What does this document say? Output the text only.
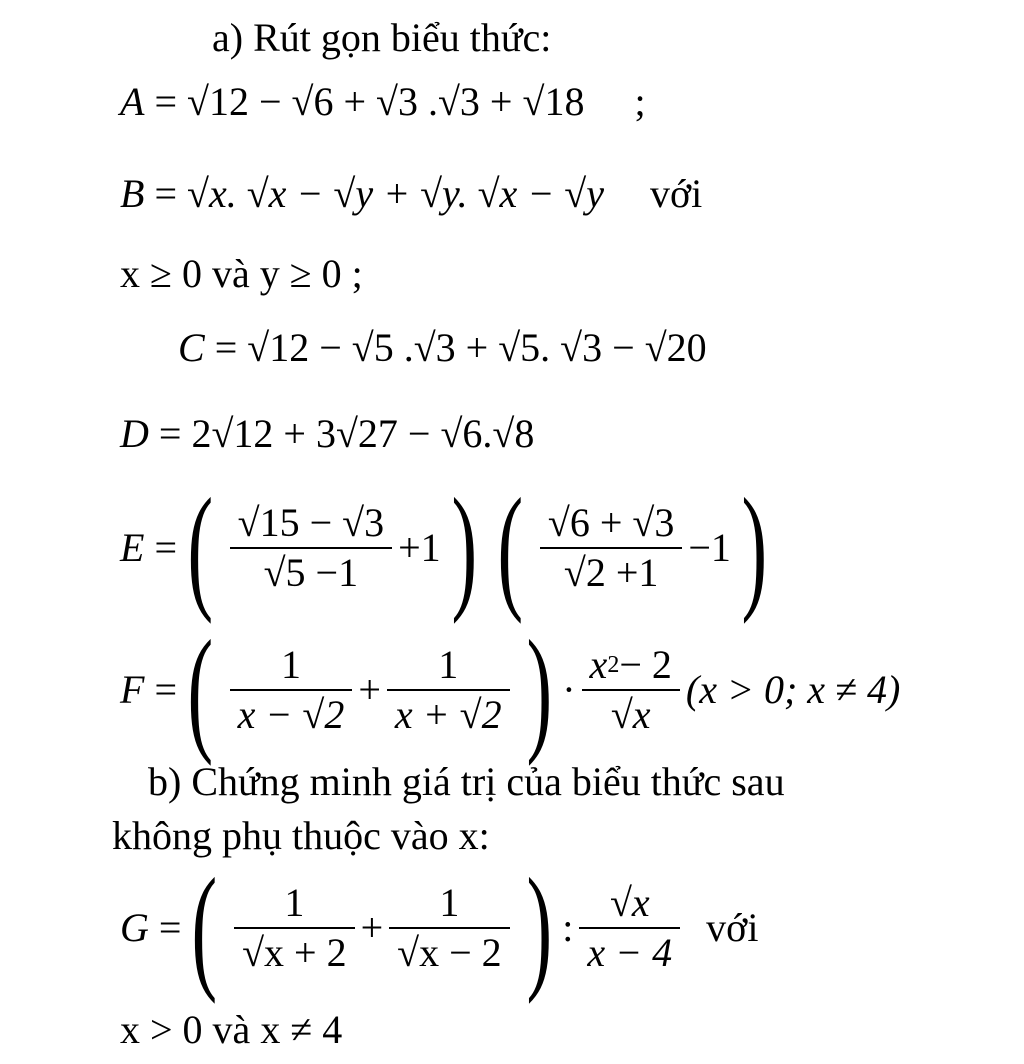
a) Rút gọn biểu thức:
A = √12 − √6 + √3 .√3 + √18 ;
B = √x. √x − √y + √y. √x − √y với
x ≥ 0 và y ≥ 0 ;
C = √12 − √5 .√3 + √5. √3 − √20
D = 2√12 + 3√27 − √6.√8
E = ( $\frac{√15 - √3}{√5 -1} +1$ ) ( $\frac{√6 + √3}{√2 +1} -1$ )
F = ( $\frac{1}{x - √2} + \frac{1}{x + √2}$ ) · $\frac{x 2 - 2}{√x} (x > 0$; x ≠ 4)
b) Chứng minh giá trị của biểu thức sau
không phụ thuộc vào x:
G = ( $\frac{1}{√x + 2} + \frac{1}{√x - 2}$ ) : $\frac{√x}{x - 4}$ với
x > 0 và x ≠ 4
